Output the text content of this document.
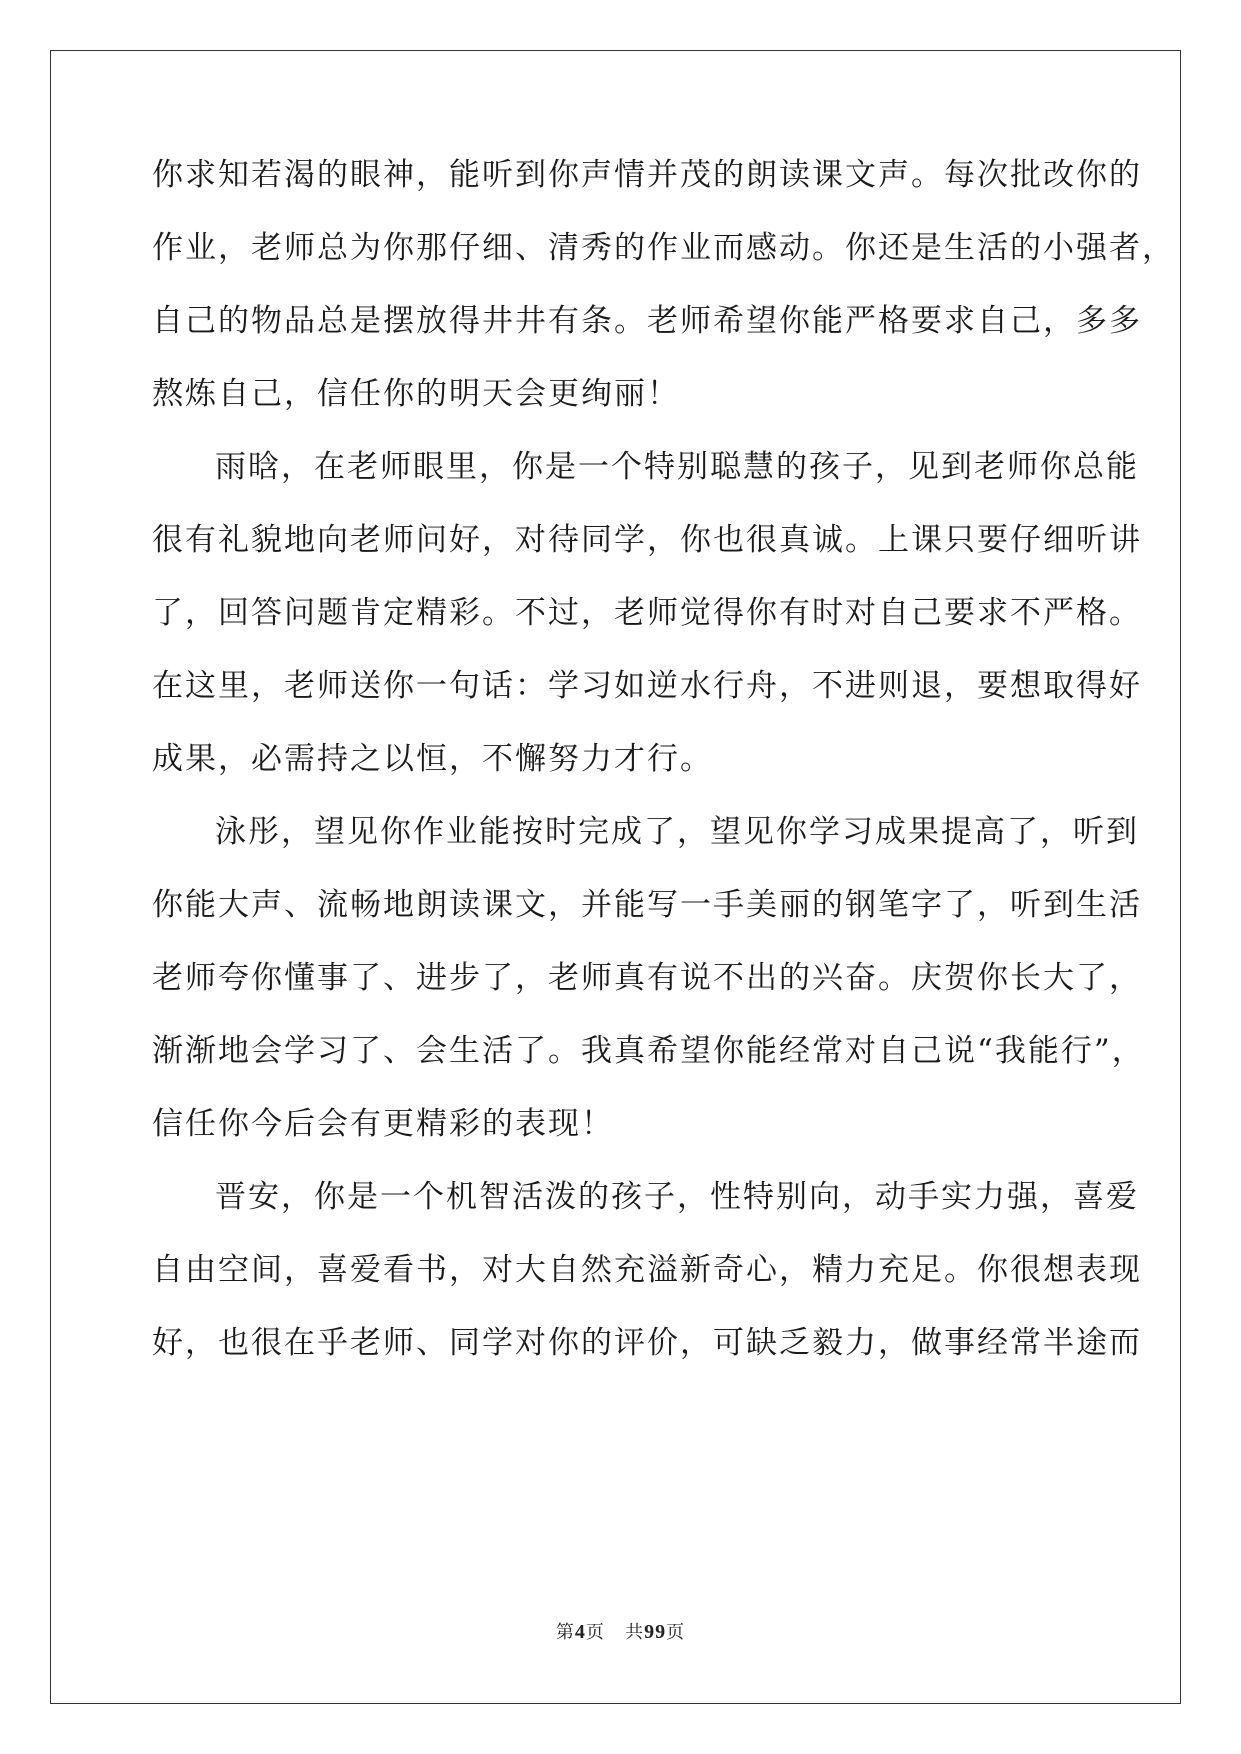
你求知若渴的眼神，能听到你声情并茂的朗读课文声。每次批改你的
作业，老师总为你那仔细、清秀的作业而感动。你还是生活的小强者，
自己的物品总是摆放得井井有条。老师希望你能严格要求自己，多多
熬炼自己，信任你的明天会更绚丽！
雨晗，在老师眼里，你是一个特别聪慧的孩子，见到老师你总能
很有礼貌地向老师问好，对待同学，你也很真诚。上课只要仔细听讲
了，回答问题肯定精彩。不过，老师觉得你有时对自己要求不严格。
在这里，老师送你一句话：学习如逆水行舟，不进则退，要想取得好
成果，必需持之以恒，不懈努力才行。
泳彤，望见你作业能按时完成了，望见你学习成果提高了，听到
你能大声、流畅地朗读课文，并能写一手美丽的钢笔字了，听到生活
老师夸你懂事了、进步了，老师真有说不出的兴奋。庆贺你长大了，
渐渐地会学习了、会生活了。我真希望你能经常对自己说“我能行”，
信任你今后会有更精彩的表现！
晋安，你是一个机智活泼的孩子，性特别向，动手实力强，喜爱
自由空间，喜爱看书，对大自然充溢新奇心，精力充足。你很想表现
好，也很在乎老师、同学对你的评价，可缺乏毅力，做事经常半途而
第4页 共99页
